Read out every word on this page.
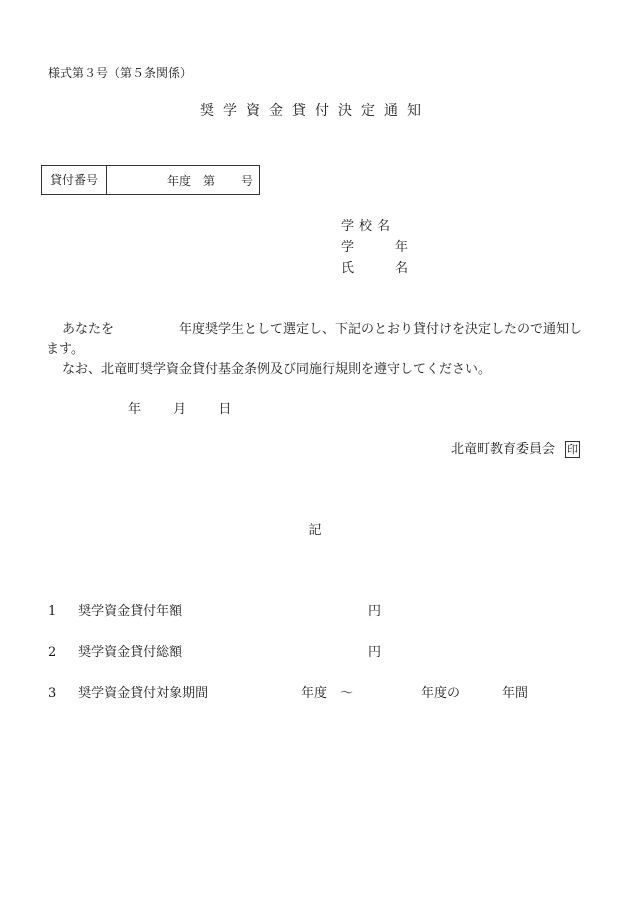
様式第３号（第５条関係）
奨学資金貸付決定通知
貸付番号	年度 第 号
学 校 名
学	年
氏	名

あなたを　　　　　年度奨学生として選定し、下記のとおり貸付けを決定したので通知し

ます。

なお、北竜町奨学資金貸付基金条例及び同施行規則を遵守してください。

年 月 日
北竜町教育委員会 印
記
1 奨学資金貸付年額	円
2 奨学資金貸付総額	円
3 奨学資金貸付対象期間	年度 ～	年度の	年間
